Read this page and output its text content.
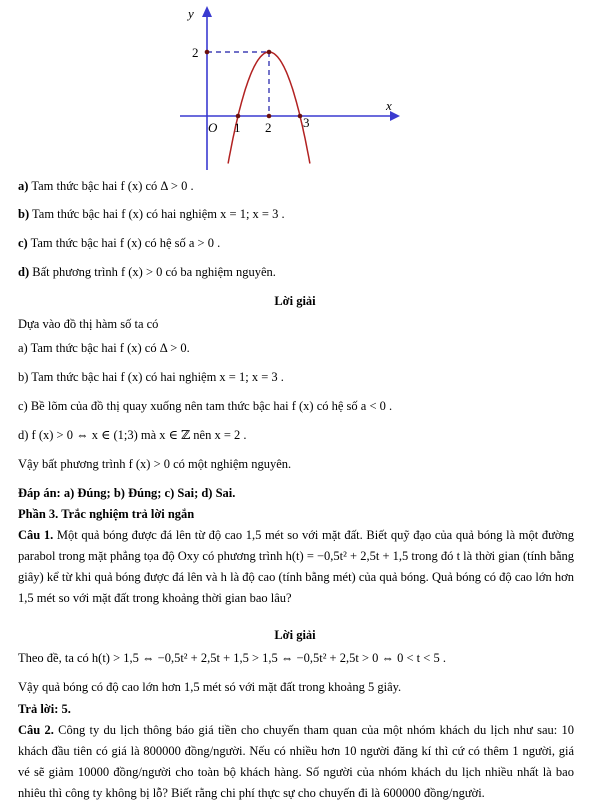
y
x
O
2
1 2 3
a) Tam thức bậc hai f (x) có Δ > 0 .
b) Tam thức bậc hai f (x) có hai nghiệm x = 1; x = 3 .
c) Tam thức bậc hai f (x) có hệ số a > 0 .
d) Bất phương trình f (x) > 0 có ba nghiệm nguyên.
Lời giải
Dựa vào đồ thị hàm số ta có
a) Tam thức bậc hai f (x) có Δ > 0.
b) Tam thức bậc hai f (x) có hai nghiệm x = 1; x = 3 .
c) Bề lõm của đồ thị quay xuống nên tam thức bậc hai f (x) có hệ số a < 0 .
d) f (x) > 0 ⇔ x ∈ (1;3) mà x ∈ ℤ nên x = 2 .
Vậy bất phương trình f (x) > 0 có một nghiệm nguyên.
Đáp án: a) Đúng; b) Đúng; c) Sai; d) Sai.
Phần 3. Trắc nghiệm trả lời ngắn
Câu 1. Một quả bóng được đá lên từ độ cao 1,5 mét so với mặt đất. Biết quỹ đạo của quả bóng là một đường parabol trong mặt phẳng tọa độ Oxy có phương trình h(t) = −0,5t² + 2,5t + 1,5 trong đó t là thời gian (tính bằng giây) kể từ khi quả bóng được đá lên và h là độ cao (tính bằng mét) của quả bóng. Quả bóng có độ cao lớn hơn 1,5 mét so với mặt đất trong khoảng thời gian bao lâu?
Lời giải
Theo đề, ta có h(t) > 1,5 ⇔ −0,5t² + 2,5t + 1,5 > 1,5 ⇔ −0,5t² + 2,5t > 0 ⇔ 0 < t < 5 .
Vậy quả bóng có độ cao lớn hơn 1,5 mét só với mặt đất trong khoảng 5 giây.
Trả lời: 5.
Câu 2. Công ty du lịch thông báo giá tiền cho chuyến tham quan của một nhóm khách du lịch như sau: 10 khách đầu tiên có giá là 800000 đồng/người. Nếu có nhiều hơn 10 người đăng kí thì cứ có thêm 1 người, giá vé sẽ giảm 10000 đồng/người cho toàn bộ khách hàng. Số người của nhóm khách du lịch nhiều nhất là bao nhiêu thì công ty không bị lỗ? Biết rằng chi phí thực sự cho chuyến đi là 600000 đồng/người.
